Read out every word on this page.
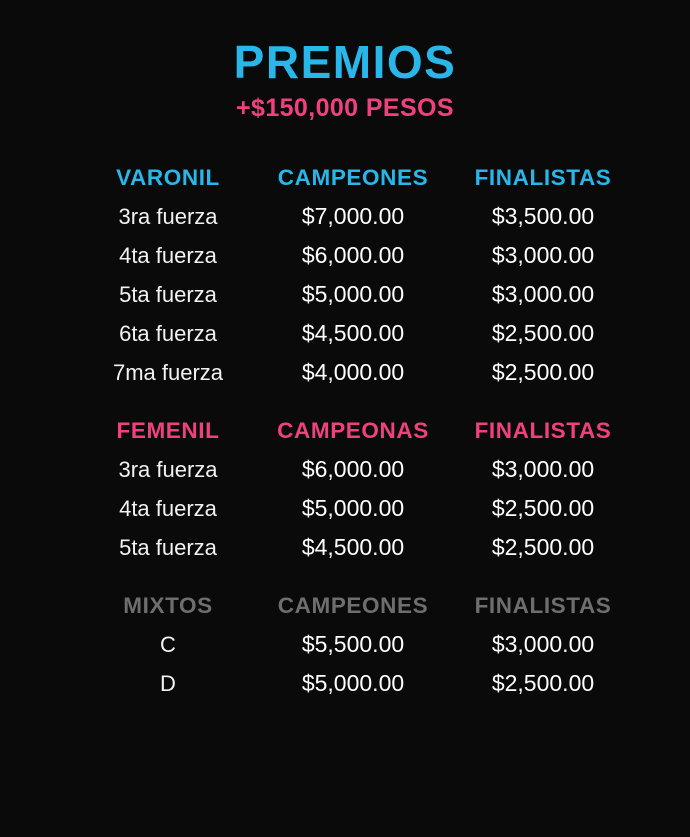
PREMIOS
+$150,000 PESOS
VARONIL	CAMPEONES	FINALISTAS
3ra fuerza	$7,000.00	$3,500.00
4ta fuerza	$6,000.00	$3,000.00
5ta fuerza	$5,000.00	$3,000.00
6ta fuerza	$4,500.00	$2,500.00
7ma fuerza	$4,000.00	$2,500.00
FEMENIL	CAMPEONAS	FINALISTAS
3ra fuerza	$6,000.00	$3,000.00
4ta fuerza	$5,000.00	$2,500.00
5ta fuerza	$4,500.00	$2,500.00
MIXTOS	CAMPEONES	FINALISTAS
C	$5,500.00	$3,000.00
D	$5,000.00	$2,500.00
